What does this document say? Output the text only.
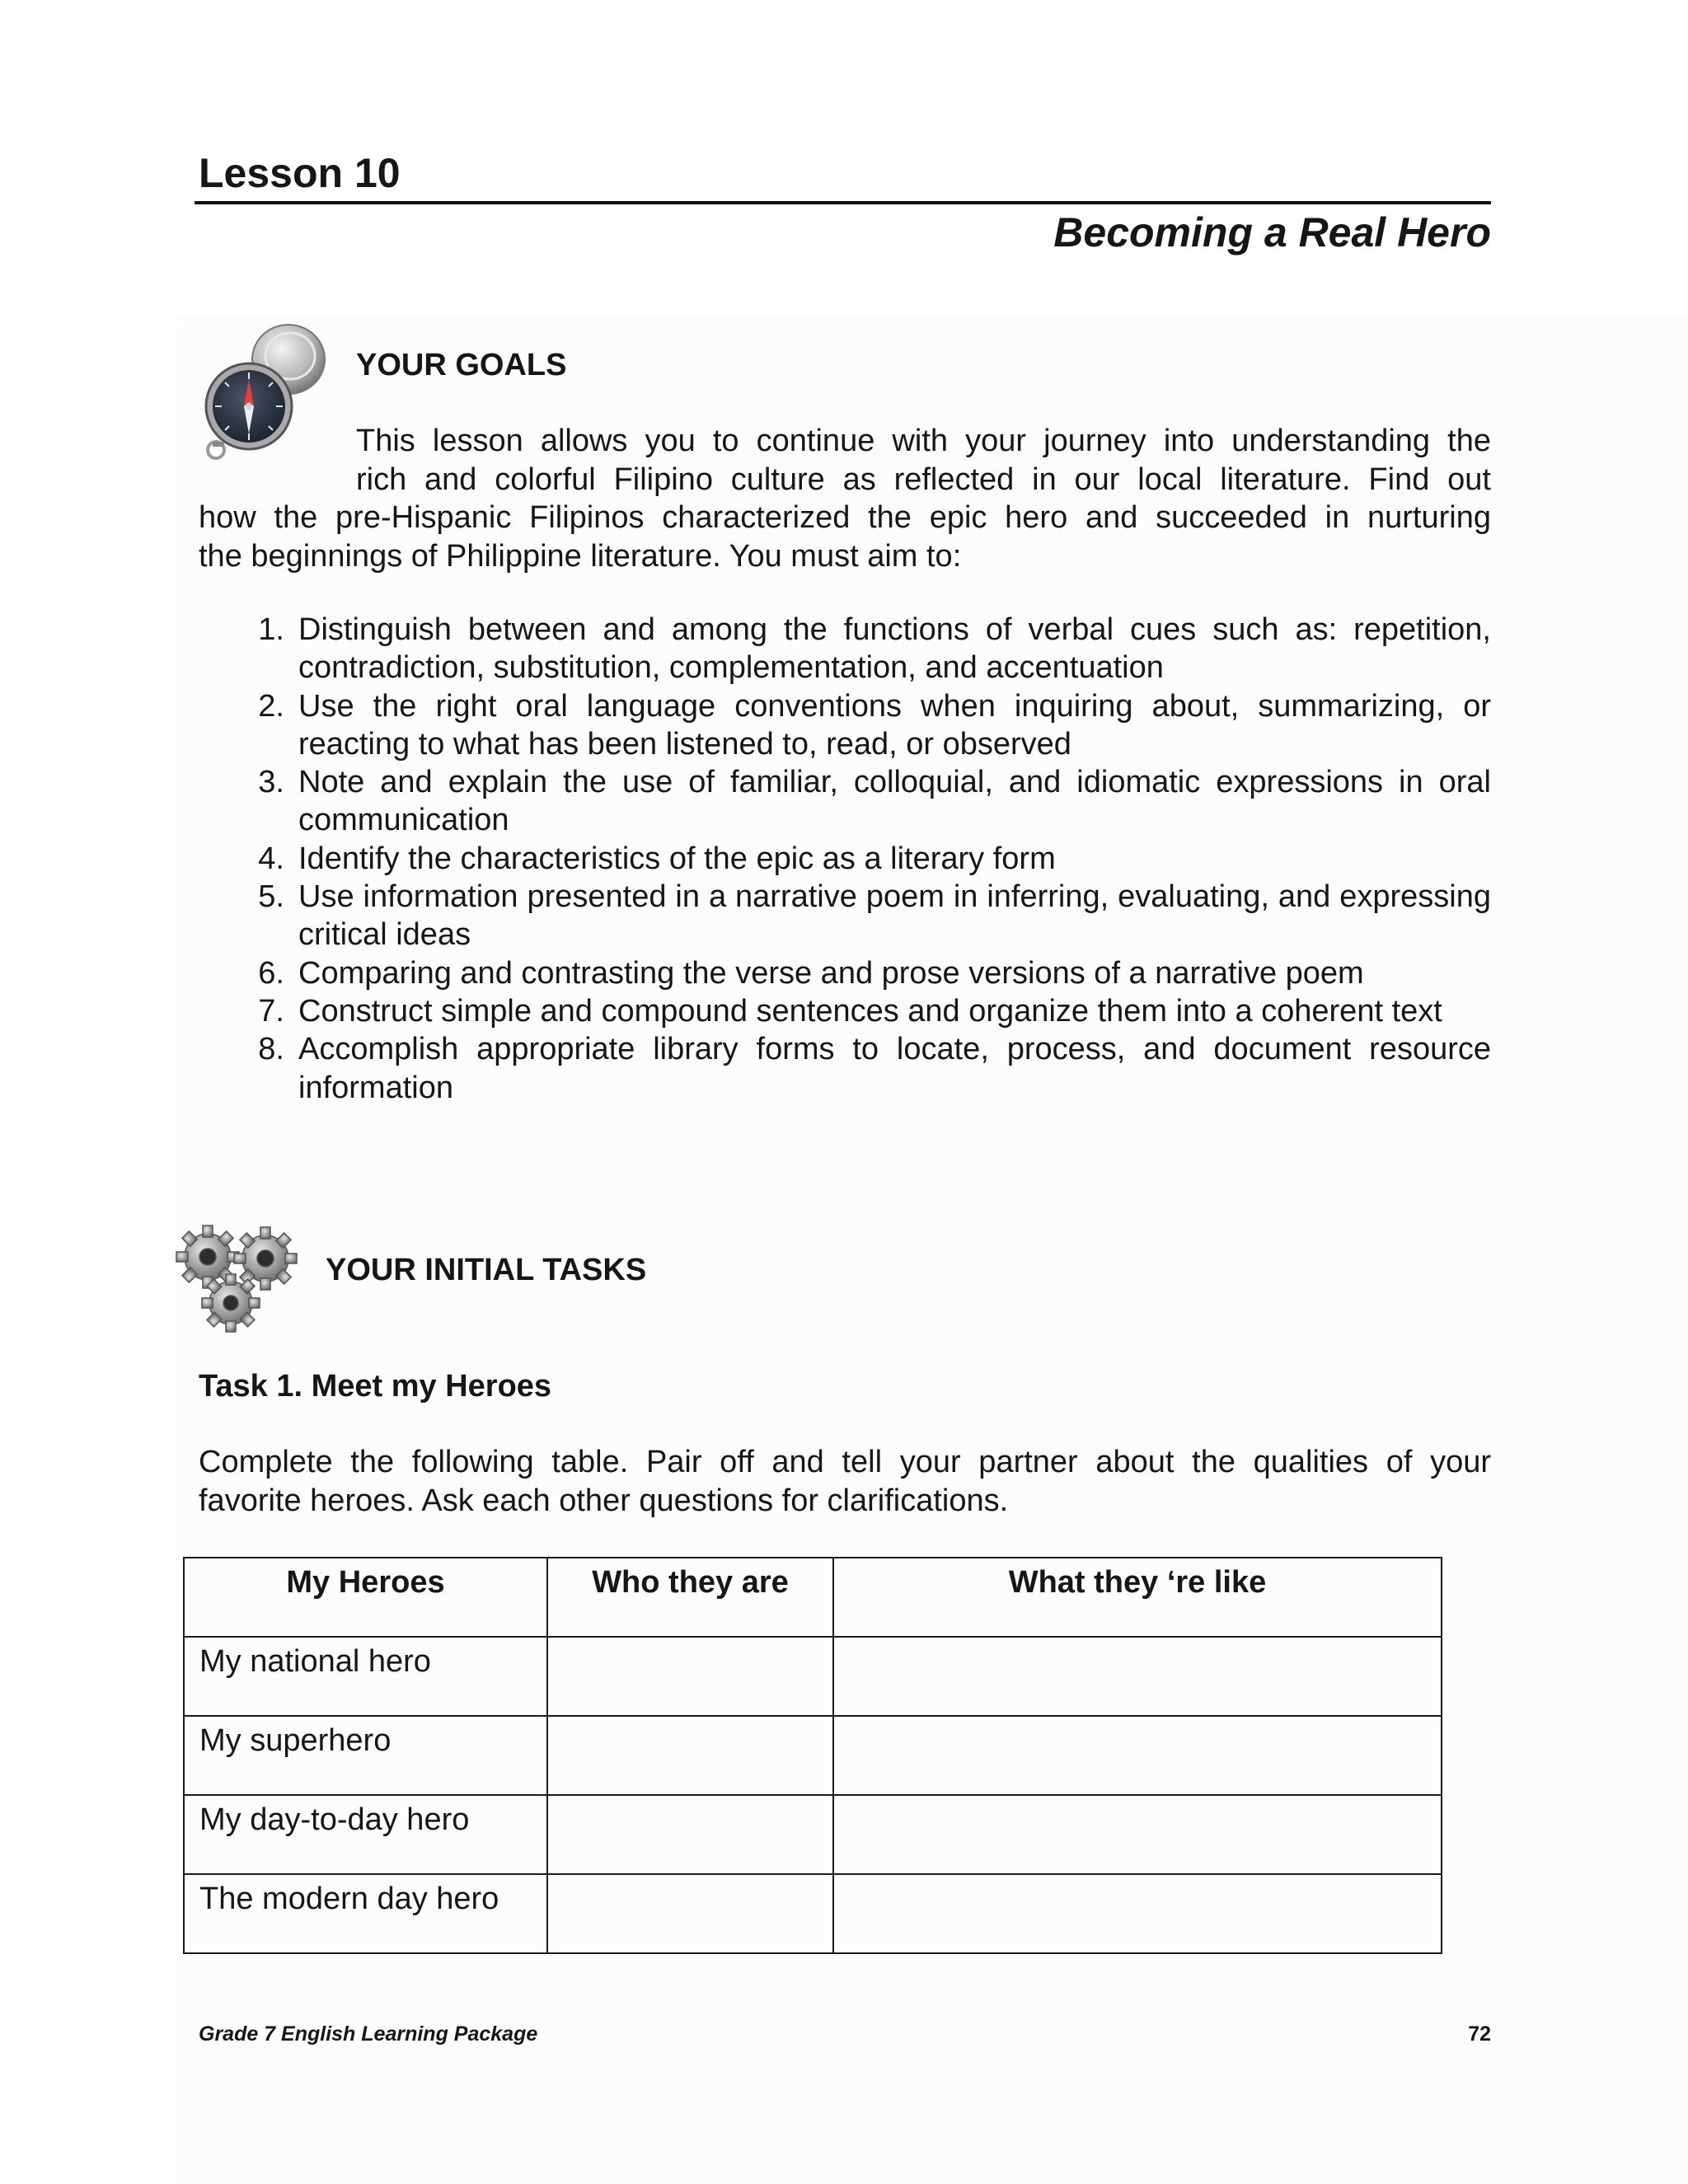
Lesson 10
Becoming a Real Hero
YOUR GOALS

This lesson allows you to continue with your journey into understanding the

rich and colorful Filipino culture as reflected in our local literature. Find out

how the pre-Hispanic Filipinos characterized the epic hero and succeeded in nurturing

the beginnings of Philippine literature. You must aim to:

1. Distinguish between and among the functions of verbal cues such as: repetition, contradiction, substitution, complementation, and accentuation
2. Use the right oral language conventions when inquiring about, summarizing, or reacting to what has been listened to, read, or observed
3. Note and explain the use of familiar, colloquial, and idiomatic expressions in oral communication
4. Identify the characteristics of the epic as a literary form
5. Use information presented in a narrative poem in inferring, evaluating, and expressing critical ideas
6. Comparing and contrasting the verse and prose versions of a narrative poem
7. Construct simple and compound sentences and organize them into a coherent text
8. Accomplish appropriate library forms to locate, process, and document resource information
YOUR INITIAL TASKS
Task 1. Meet my Heroes

Complete the following table. Pair off and tell your partner about the qualities of your

favorite heroes. Ask each other questions for clarifications.

My Heroes	Who they are	What they ‘re like
My national hero		
My superhero		
My day-to-day hero		
The modern day hero		

Grade 7 English Learning Package	72
